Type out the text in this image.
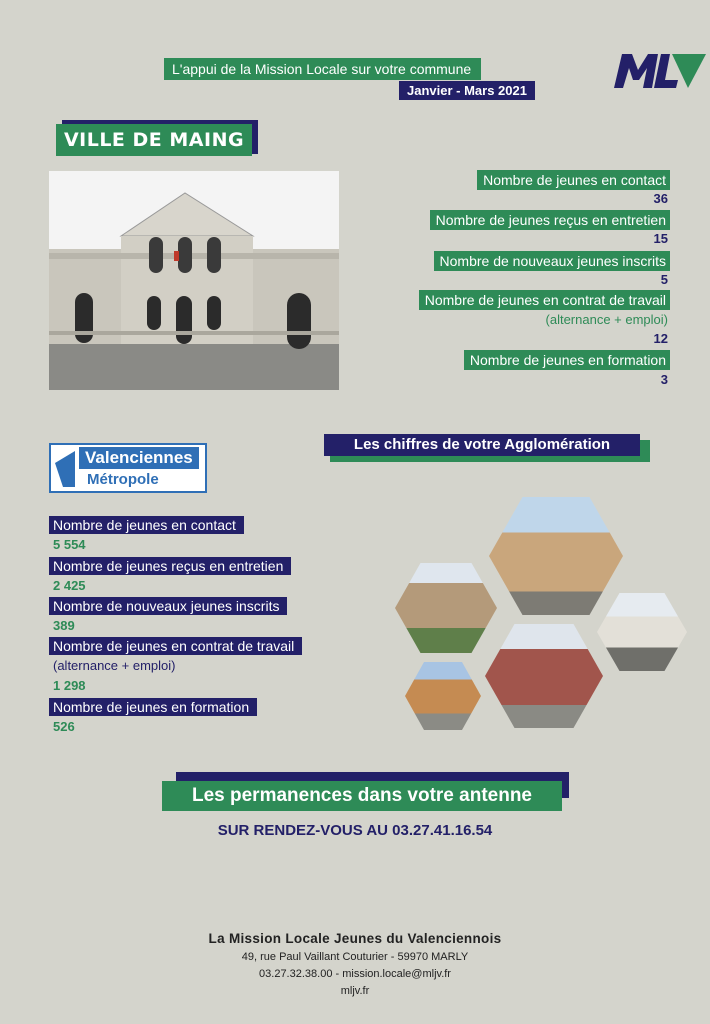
L'appui de la Mission Locale sur votre commune
Janvier - Mars 2021
VILLE DE MAING
Nombre de jeunes en contact
36
Nombre de jeunes reçus en entretien
15
Nombre de nouveaux jeunes inscrits
5
Nombre de jeunes en contrat de travail
(alternance + emploi)
12
Nombre de jeunes en formation
3
Les chiffres de votre Agglomération
Valenciennes
Métropole
Nombre de jeunes en contact
5 554
Nombre de jeunes reçus en entretien
2 425
Nombre de nouveaux jeunes inscrits
389
Nombre de jeunes en contrat de travail
(alternance + emploi)
1 298
Nombre de jeunes en formation
526
Les permanences dans votre antenne
SUR RENDEZ-VOUS AU 03.27.41.16.54
La Mission Locale Jeunes du Valenciennois
49, rue Paul Vaillant Couturier - 59970 MARLY
03.27.32.38.00 - mission.locale@mljv.fr
mljv.fr
